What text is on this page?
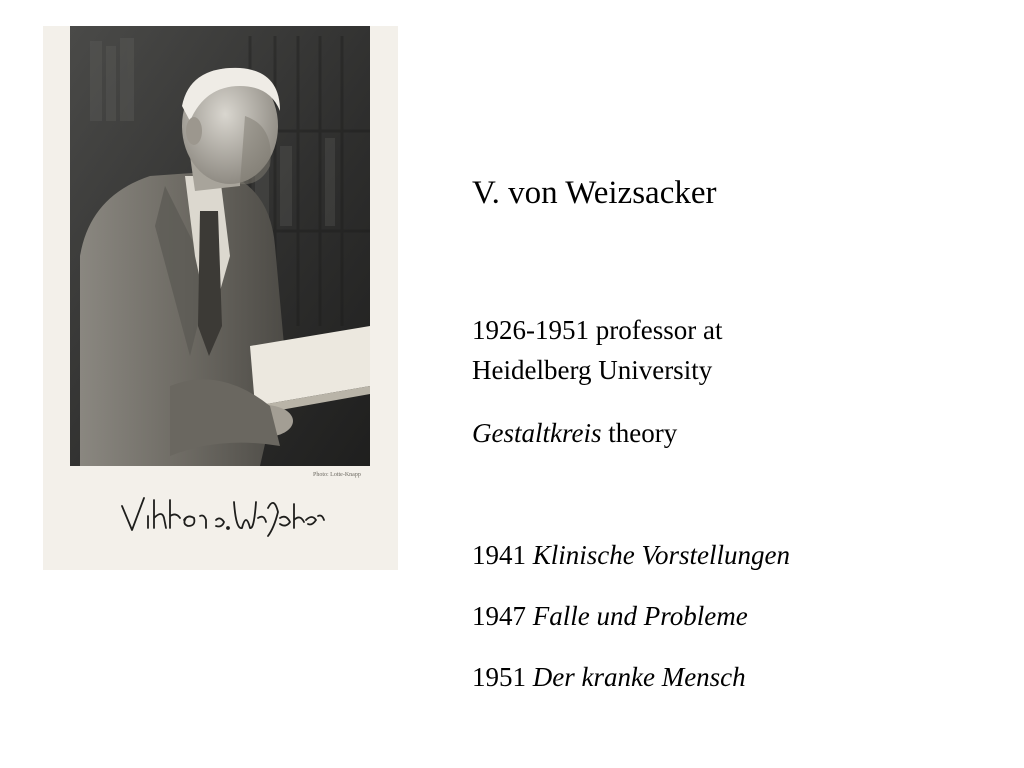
Photo: Lotte-Knapp
V. von Weizsacker
1926-1951 professor at
Heidelberg University
Gestaltkreis theory
1941 Klinische Vorstellungen
1947 Falle und Probleme
1951 Der kranke Mensch
